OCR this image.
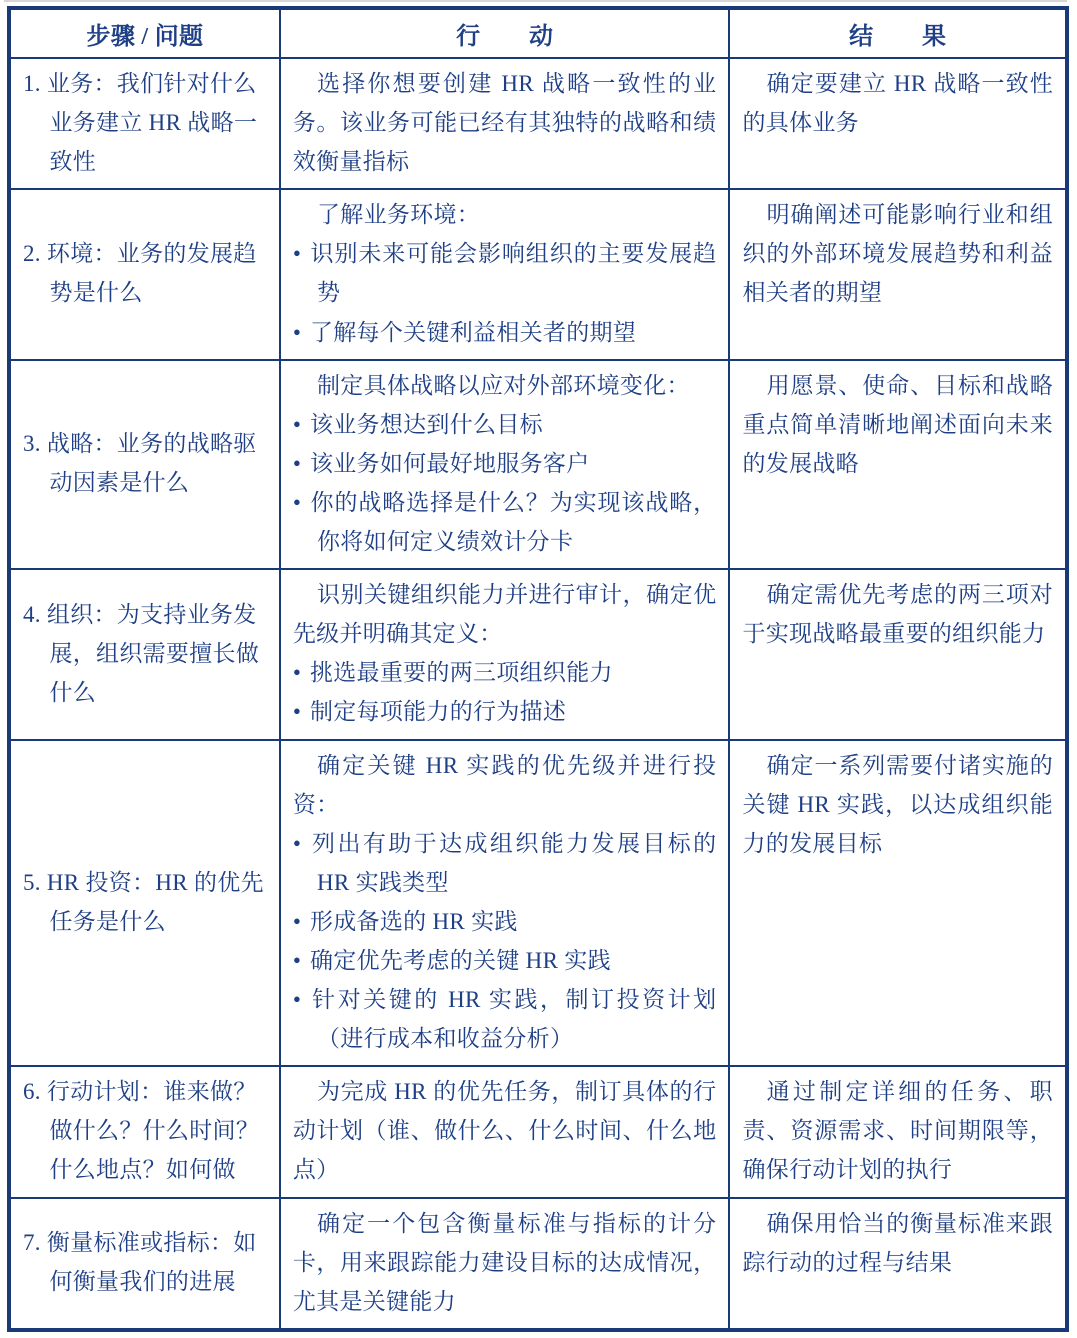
步骤 / 问题	行　　动	结　　果

1. 业务：我们针对什么业务建立 HR 战略一致性	选择你想要创建 HR 战略一致性的业务。该业务可能已经有其独特的战略和绩效衡量指标	确定要建立 HR 战略一致性的具体业务

2. 环境：业务的发展趋势是什么	了解业务环境：
• 识别未来可能会影响组织的主要发展趋势
• 了解每个关键利益相关者的期望	明确阐述可能影响行业和组织的外部环境发展趋势和利益相关者的期望

3. 战略：业务的战略驱动因素是什么	制定具体战略以应对外部环境变化：
• 该业务想达到什么目标
• 该业务如何最好地服务客户
• 你的战略选择是什么？为实现该战略，你将如何定义绩效计分卡	用愿景、使命、目标和战略重点简单清晰地阐述面向未来的发展战略

4. 组织：为支持业务发展，组织需要擅长做什么	识别关键组织能力并进行审计，确定优先级并明确其定义：
• 挑选最重要的两三项组织能力
• 制定每项能力的行为描述	确定需优先考虑的两三项对于实现战略最重要的组织能力

5. HR 投资：HR 的优先任务是什么	确定关键 HR 实践的优先级并进行投资：
• 列出有助于达成组织能力发展目标的 HR 实践类型
• 形成备选的 HR 实践
• 确定优先考虑的关键 HR 实践
• 针对关键的 HR 实践，制订投资计划（进行成本和收益分析）	确定一系列需要付诸实施的关键 HR 实践，以达成组织能力的发展目标

6. 行动计划：谁来做？做什么？什么时间？什么地点？如何做	为完成 HR 的优先任务，制订具体的行动计划（谁、做什么、什么时间、什么地点）	通过制定详细的任务、职责、资源需求、时间期限等，确保行动计划的执行

7. 衡量标准或指标：如何衡量我们的进展	确定一个包含衡量标准与指标的计分卡，用来跟踪能力建设目标的达成情况，尤其是关键能力	确保用恰当的衡量标准来跟踪行动的过程与结果
